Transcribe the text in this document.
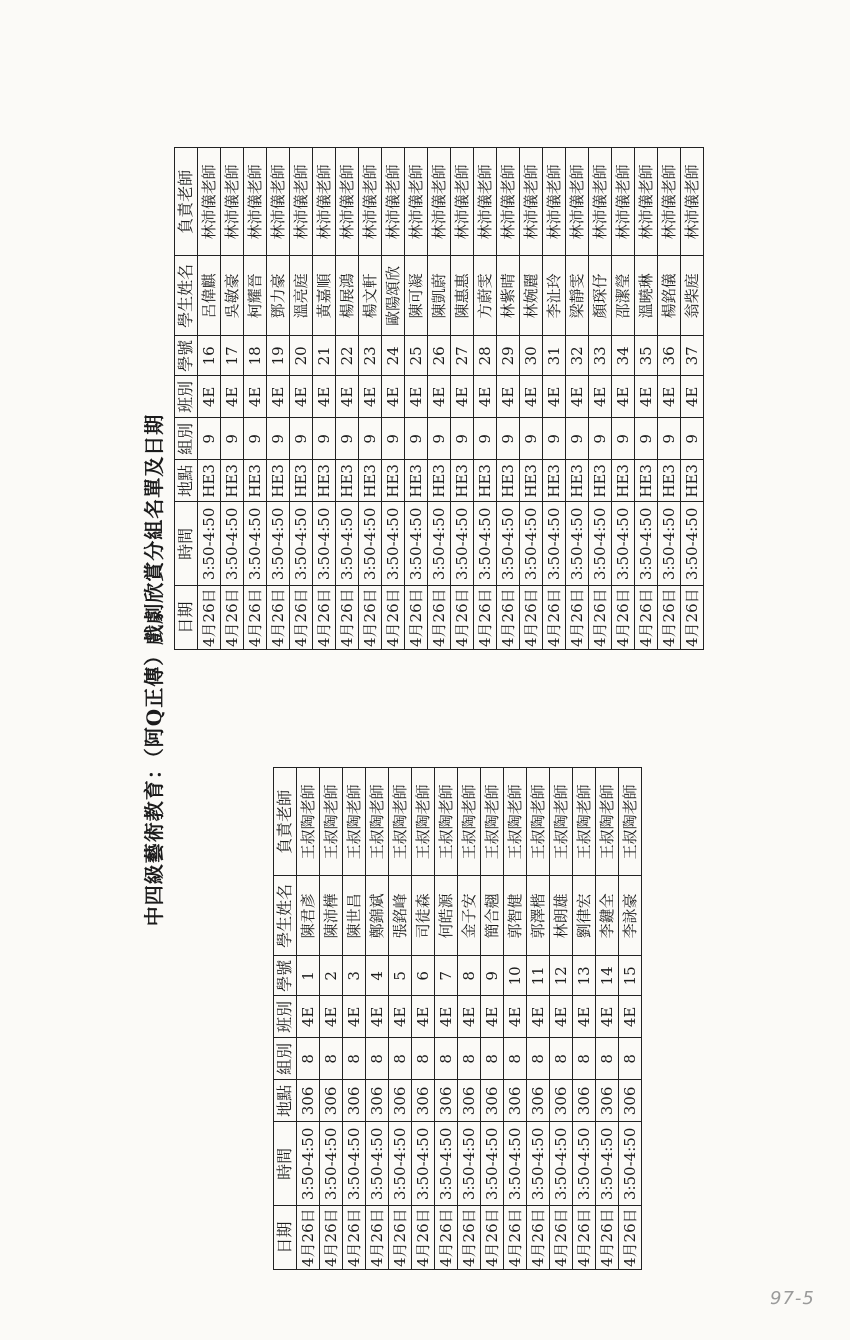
中四級藝術教育：（阿Q正傳）戲劇欣賞分組名單及日期
日期	時間	地點	組別	班別	學號	學生姓名	負責老師
4月26日	3:50-4:50	306	8	4E	1	陳君彥	王叔陶老師
4月26日	3:50-4:50	306	8	4E	2	陳沛樺	王叔陶老師
4月26日	3:50-4:50	306	8	4E	3	陳世昌	王叔陶老師
4月26日	3:50-4:50	306	8	4E	4	鄭錦斌	王叔陶老師
4月26日	3:50-4:50	306	8	4E	5	張銘峰	王叔陶老師
4月26日	3:50-4:50	306	8	4E	6	司徒森	王叔陶老師
4月26日	3:50-4:50	306	8	4E	7	何皓源	王叔陶老師
4月26日	3:50-4:50	306	8	4E	8	金子安	王叔陶老師
4月26日	3:50-4:50	306	8	4E	9	簡合翹	王叔陶老師
4月26日	3:50-4:50	306	8	4E	10	郭智健	王叔陶老師
4月26日	3:50-4:50	306	8	4E	11	郭澤楷	王叔陶老師
4月26日	3:50-4:50	306	8	4E	12	林朗雄	王叔陶老師
4月26日	3:50-4:50	306	8	4E	13	劉律宏	王叔陶老師
4月26日	3:50-4:50	306	8	4E	14	李鍵全	王叔陶老師
4月26日	3:50-4:50	306	8	4E	15	李詠豪	王叔陶老師
日期	時間	地點	組別	班別	學號	學生姓名	負責老師
4月26日	3:50-4:50	HE3	9	4E	16	呂偉麒	林沛儀老師
4月26日	3:50-4:50	HE3	9	4E	17	吳敏豪	林沛儀老師
4月26日	3:50-4:50	HE3	9	4E	18	柯耀晉	林沛儀老師
4月26日	3:50-4:50	HE3	9	4E	19	鄧力豪	林沛儀老師
4月26日	3:50-4:50	HE3	9	4E	20	溫亮庭	林沛儀老師
4月26日	3:50-4:50	HE3	9	4E	21	黃嘉順	林沛儀老師
4月26日	3:50-4:50	HE3	9	4E	22	楊展鴻	林沛儀老師
4月26日	3:50-4:50	HE3	9	4E	23	楊文軒	林沛儀老師
4月26日	3:50-4:50	HE3	9	4E	24	歐陽頌欣	林沛儀老師
4月26日	3:50-4:50	HE3	9	4E	25	陳可凝	林沛儀老師
4月26日	3:50-4:50	HE3	9	4E	26	陳凱蔚	林沛儀老師
4月26日	3:50-4:50	HE3	9	4E	27	陳惠惠	林沛儀老師
4月26日	3:50-4:50	HE3	9	4E	28	方蔚雯	林沛儀老師
4月26日	3:50-4:50	HE3	9	4E	29	林紫晴	林沛儀老師
4月26日	3:50-4:50	HE3	9	4E	30	林婉麗	林沛儀老師
4月26日	3:50-4:50	HE3	9	4E	31	李沚玲	林沛儀老師
4月26日	3:50-4:50	HE3	9	4E	32	梁靜雯	林沛儀老師
4月26日	3:50-4:50	HE3	9	4E	33	顏琛伃	林沛儀老師
4月26日	3:50-4:50	HE3	9	4E	34	邵潔瑩	林沛儀老師
4月26日	3:50-4:50	HE3	9	4E	35	溫曉琳	林沛儀老師
4月26日	3:50-4:50	HE3	9	4E	36	楊銘儀	林沛儀老師
4月26日	3:50-4:50	HE3	9	4E	37	翁柴庭	林沛儀老師
97-5
